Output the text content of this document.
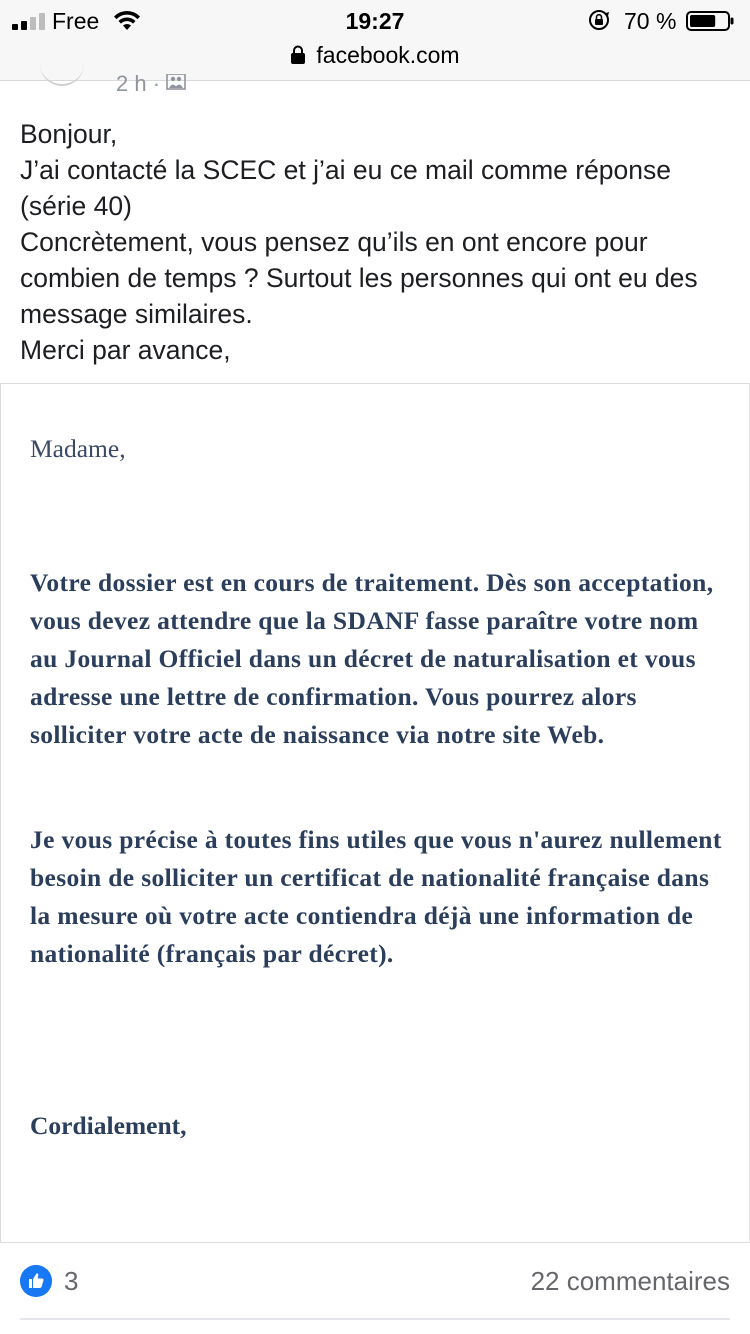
Free	19:27	70 %
facebook.com
2 h ·

Bonjour,

J’ai contacté la SCEC et j’ai eu ce mail comme réponse (série 40)

Concrètement, vous pensez qu’ils en ont encore pour combien de temps ? Surtout les personnes qui ont eu des message similaires.

Merci par avance,

Madame,
Votre dossier est en cours de traitement. Dès son acceptation, vous devez attendre que la SDANF fasse paraître votre nom au Journal Officiel dans un décret de naturalisation et vous adresse une lettre de confirmation. Vous pourrez alors solliciter votre acte de naissance via notre site Web.
Je vous précise à toutes fins utiles que vous n'aurez nullement besoin de solliciter un certificat de nationalité française dans la mesure où votre acte contiendra déjà une information de nationalité (français par décret).
Cordialement,
3	22 commentaires
